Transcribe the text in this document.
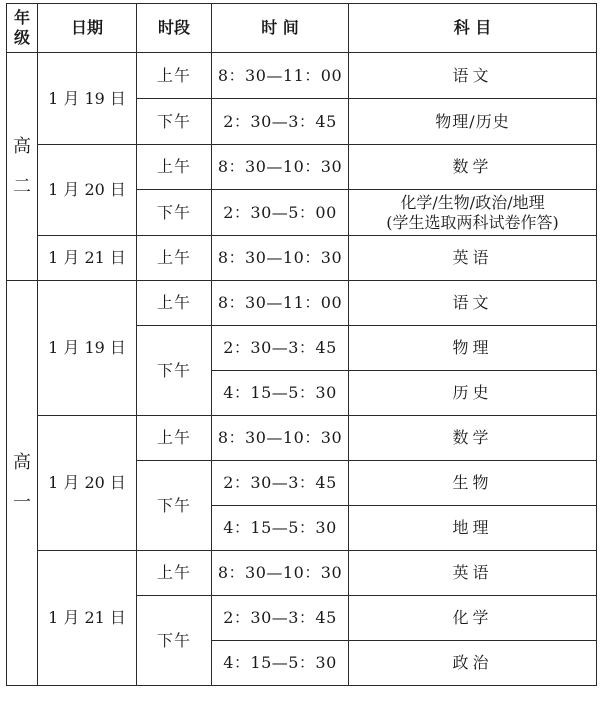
年
级	日期	时段	时 间	科 目

高
二	1 月 19 日	上午	8：30—11：00	语文
		下午	2：30—3：45	物理/历史
	1 月 20 日	上午	8：30—10：30	数学
		下午	2：30—5：00	化学/生物/政治/地理
(学生选取两科试卷作答)

	1 月 21 日	上午	8：30—10：30	英语

高
一	1 月 19 日	上午	8：30—11：00	语文
		下午	2：30—3：45	物理
			4：15—5：30	历史
	1 月 20 日	上午	8：30—10：30	数学
		下午	2：30—3：45	生物
			4：15—5：30	地理
	1 月 21 日	上午	8：30—10：30	英语
		下午	2：30—3：45	化学
			4：15—5：30	政治
